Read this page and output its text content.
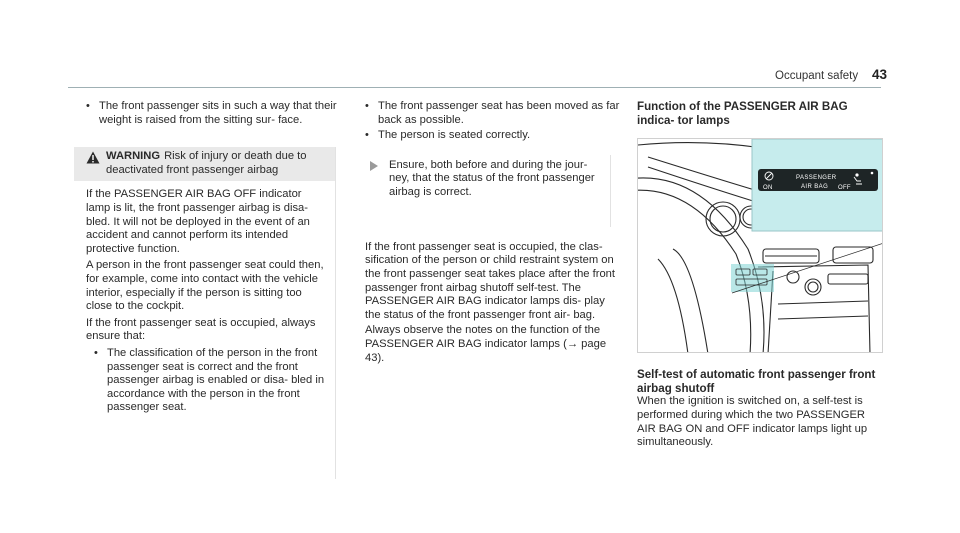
Occupant safety 43
• The front passenger sits in such a way that their weight is raised from the sitting sur- face.
WARNING Risk of injury or death due to deactivated front passenger airbag

If the PASSENGER AIR BAG OFF indicator lamp is lit, the front passenger airbag is disa- bled. It will not be deployed in the event of an accident and cannot perform its intended protective function.

A person in the front passenger seat could then, for example, come into contact with the vehicle interior, especially if the person is sitting too close to the cockpit.

If the front passenger seat is occupied, always ensure that:

• The classification of the person in the front passenger seat is correct and the front passenger airbag is enabled or disa- bled in accordance with the person in the front passenger seat.
• The front passenger seat has been moved as far back as possible.
• The person is seated correctly.
Ensure, both before and during the jour- ney, that the status of the front passenger airbag is correct.

If the front passenger seat is occupied, the clas- sification of the person or child restraint system on the front passenger seat takes place after the front passenger front airbag shutoff self-test. The PASSENGER AIR BAG indicator lamps dis- play the status of the front passenger front air- bag.

Always observe the notes on the function of the PASSENGER AIR BAG indicator lamps (→ page 43).

Function of the PASSENGER AIR BAG indica- tor lamps
ON
PASSENGER
AIR BAG OFF
Self-test of automatic front passenger front airbag shutoff
When the ignition is switched on, a self-test is performed during which the two PASSENGER AIR BAG ON and OFF indicator lamps light up simultaneously.
